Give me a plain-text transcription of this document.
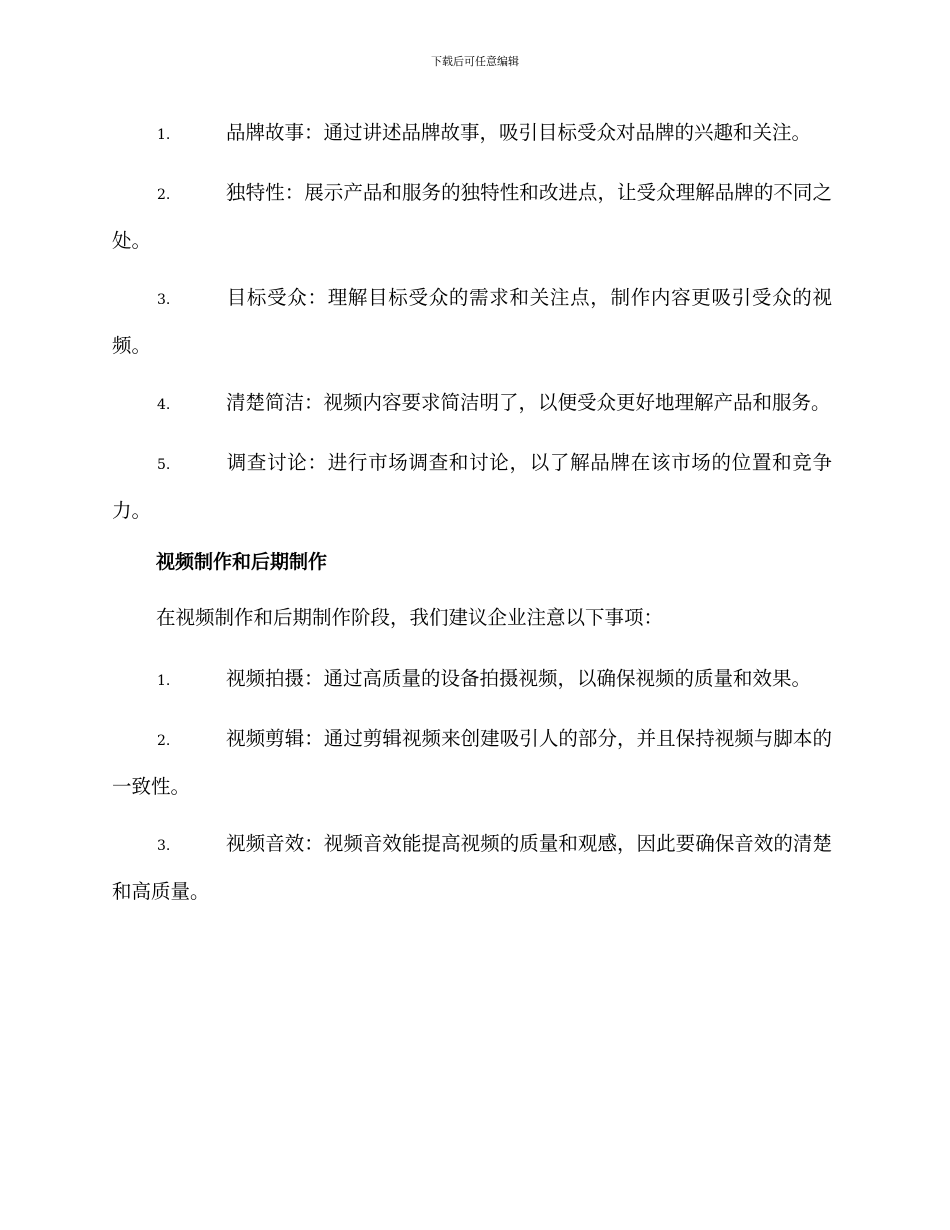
下载后可任意编辑
1.	品牌故事：通过讲述品牌故事，吸引目标受众对品牌的兴趣和关注。
2.	独特性：展示产品和服务的独特性和改进点，让受众理解品牌的不同之处。
3.	目标受众：理解目标受众的需求和关注点，制作内容更吸引受众的视频。
4.	清楚简洁：视频内容要求简洁明了，以便受众更好地理解产品和服务。
5.	调查讨论：进行市场调查和讨论，以了解品牌在该市场的位置和竞争力。
视频制作和后期制作
在视频制作和后期制作阶段，我们建议企业注意以下事项：
1.	视频拍摄：通过高质量的设备拍摄视频，以确保视频的质量和效果。
2.	视频剪辑：通过剪辑视频来创建吸引人的部分，并且保持视频与脚本的一致性。
3.	视频音效：视频音效能提高视频的质量和观感，因此要确保音效的清楚和高质量。
